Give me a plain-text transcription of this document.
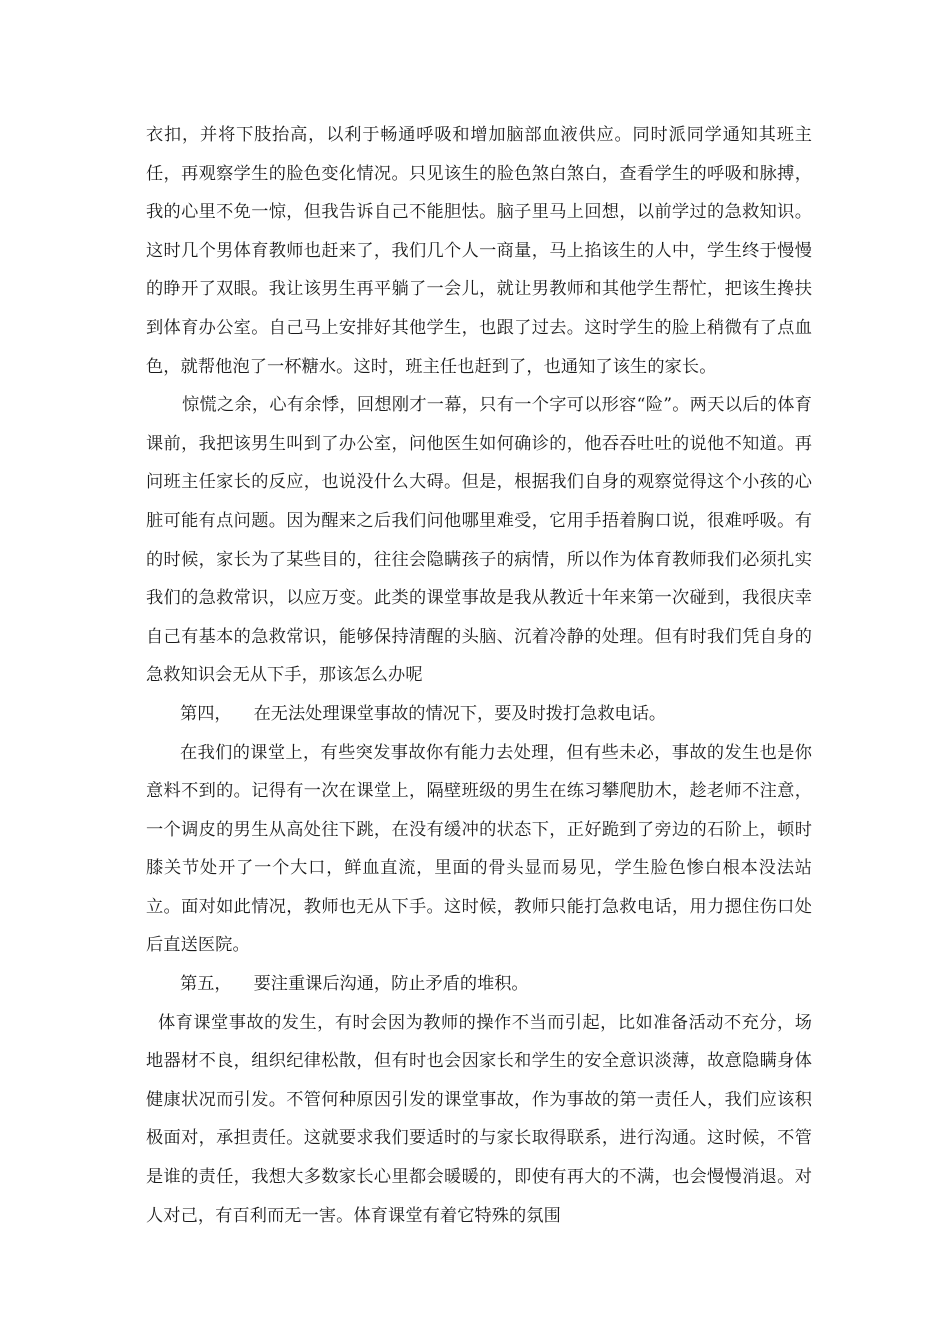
衣扣，并将下肢抬高，以利于畅通呼吸和增加脑部血液供应。同时派同学通知其班主任，再观察学生的脸色变化情况。只见该生的脸色煞白煞白，查看学生的呼吸和脉搏，我的心里不免一惊，但我告诉自己不能胆怯。脑子里马上回想，以前学过的急救知识。这时几个男体育教师也赶来了，我们几个人一商量，马上掐该生的人中，学生终于慢慢的睁开了双眼。我让该男生再平躺了一会儿，就让男教师和其他学生帮忙，把该生搀扶到体育办公室。自己马上安排好其他学生，也跟了过去。这时学生的脸上稍微有了点血色，就帮他泡了一杯糖水。这时，班主任也赶到了，也通知了该生的家长。

惊慌之余，心有余悸，回想刚才一幕，只有一个字可以形容“险”。两天以后的体育课前，我把该男生叫到了办公室，问他医生如何确诊的，他吞吞吐吐的说他不知道。再问班主任家长的反应，也说没什么大碍。但是，根据我们自身的观察觉得这个小孩的心脏可能有点问题。因为醒来之后我们问他哪里难受，它用手捂着胸口说，很难呼吸。有的时候，家长为了某些目的，往往会隐瞒孩子的病情，所以作为体育教师我们必须扎实我们的急救常识，以应万变。此类的课堂事故是我从教近十年来第一次碰到，我很庆幸自己有基本的急救常识，能够保持清醒的头脑、沉着冷静的处理。但有时我们凭自身的急救知识会无从下手，那该怎么办呢

第四， 在无法处理课堂事故的情况下，要及时拨打急救电话。

在我们的课堂上，有些突发事故你有能力去处理，但有些未必，事故的发生也是你意料不到的。记得有一次在课堂上，隔壁班级的男生在练习攀爬肋木，趁老师不注意，一个调皮的男生从高处往下跳，在没有缓冲的状态下，正好跪到了旁边的石阶上，顿时膝关节处开了一个大口，鲜血直流，里面的骨头显而易见，学生脸色惨白根本没法站立。面对如此情况，教师也无从下手。这时候，教师只能打急救电话，用力摁住伤口处后直送医院。

第五， 要注重课后沟通，防止矛盾的堆积。

体育课堂事故的发生，有时会因为教师的操作不当而引起，比如准备活动不充分，场地器材不良，组织纪律松散，但有时也会因家长和学生的安全意识淡薄，故意隐瞒身体健康状况而引发。不管何种原因引发的课堂事故，作为事故的第一责任人，我们应该积极面对，承担责任。这就要求我们要适时的与家长取得联系，进行沟通。这时候，不管是谁的责任，我想大多数家长心里都会暖暖的，即使有再大的不满，也会慢慢消退。对人对己，有百利而无一害。体育课堂有着它特殊的氛围
